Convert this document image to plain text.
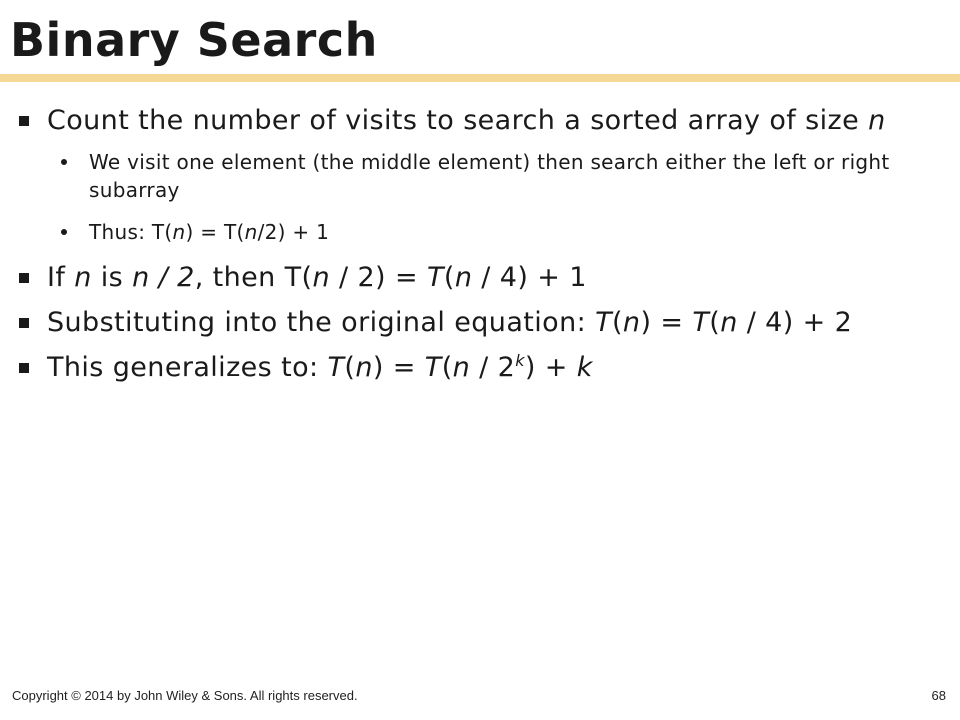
Binary Search
Count the number of visits to search a sorted array of size n
We visit one element (the middle element) then search either the left or right subarray
Thus: T(n) = T(n/2) + 1
If n is n / 2, then T(n / 2) = T(n / 4) + 1
Substituting into the original equation: T(n) = T(n / 4) + 2
This generalizes to: $T(n) = T(n / 2^k) + k$
Copyright © 2014 by John Wiley & Sons. All rights reserved.	68
